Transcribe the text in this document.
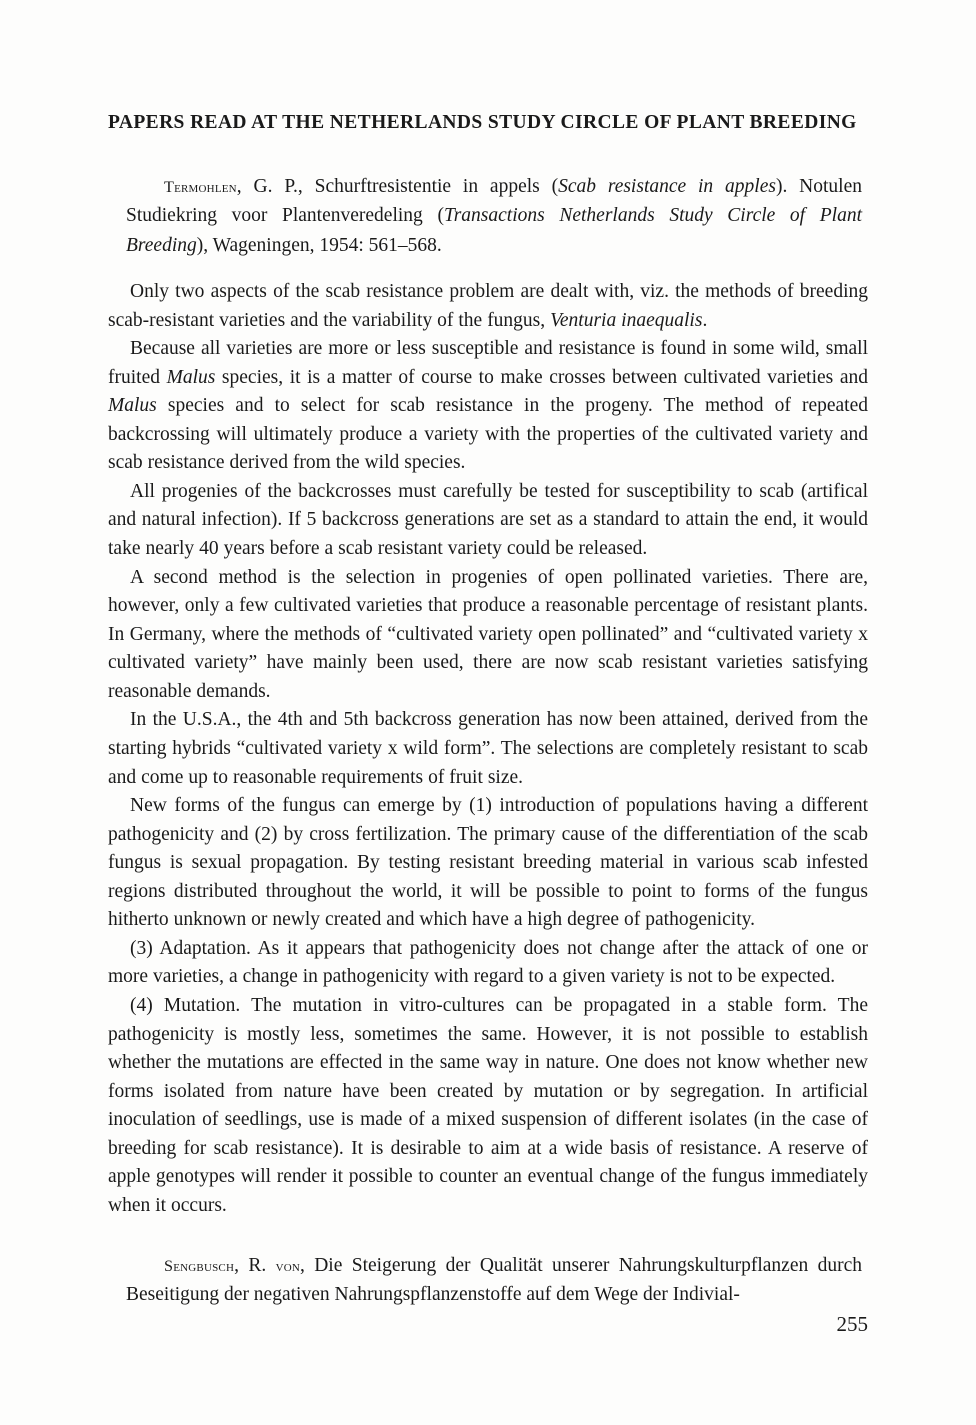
PAPERS READ AT THE NETHERLANDS STUDY CIRCLE OF PLANT BREEDING
Termohlen, G. P., Schurftresistentie in appels (Scab resistance in apples). Notulen Studiekring voor Plantenveredeling (Transactions Netherlands Study Circle of Plant Breeding), Wageningen, 1954: 561–568.

Only two aspects of the scab resistance problem are dealt with, viz. the methods of breeding scab-resistant varieties and the variability of the fungus, Venturia inaequalis.

Because all varieties are more or less susceptible and resistance is found in some wild, small fruited Malus species, it is a matter of course to make crosses between cultivated varieties and Malus species and to select for scab resistance in the progeny. The method of repeated backcrossing will ultimately produce a variety with the properties of the cultivated variety and scab resistance derived from the wild species.

All progenies of the backcrosses must carefully be tested for susceptibility to scab (artifical and natural infection). If 5 backcross generations are set as a standard to attain the end, it would take nearly 40 years before a scab resistant variety could be released.

A second method is the selection in progenies of open pollinated varieties. There are, however, only a few cultivated varieties that produce a reasonable percentage of resistant plants. In Germany, where the methods of “cultivated variety open pollinated” and “cultivated variety x cultivated variety” have mainly been used, there are now scab resistant varieties satisfying reasonable demands.

In the U.S.A., the 4th and 5th backcross generation has now been attained, derived from the starting hybrids “cultivated variety x wild form”. The selections are completely resistant to scab and come up to reasonable requirements of fruit size.

New forms of the fungus can emerge by (1) introduction of populations having a different pathogenicity and (2) by cross fertilization. The primary cause of the differentiation of the scab fungus is sexual propagation. By testing resistant breeding material in various scab infested regions distributed throughout the world, it will be possible to point to forms of the fungus hitherto unknown or newly created and which have a high degree of pathogenicity.

(3) Adaptation. As it appears that pathogenicity does not change after the attack of one or more varieties, a change in pathogenicity with regard to a given variety is not to be expected.

(4) Mutation. The mutation in vitro-cultures can be propagated in a stable form. The pathogenicity is mostly less, sometimes the same. However, it is not possible to establish whether the mutations are effected in the same way in nature. One does not know whether new forms isolated from nature have been created by mutation or by segregation. In artificial inoculation of seedlings, use is made of a mixed suspension of different isolates (in the case of breeding for scab resistance). It is desirable to aim at a wide basis of resistance. A reserve of apple genotypes will render it possible to counter an eventual change of the fungus immediately when it occurs.

Sengbusch, R. von, Die Steigerung der Qualität unserer Nahrungskulturpflanzen durch Beseitigung der negativen Nahrungspflanzenstoffe auf dem Wege der Indivial-
255
